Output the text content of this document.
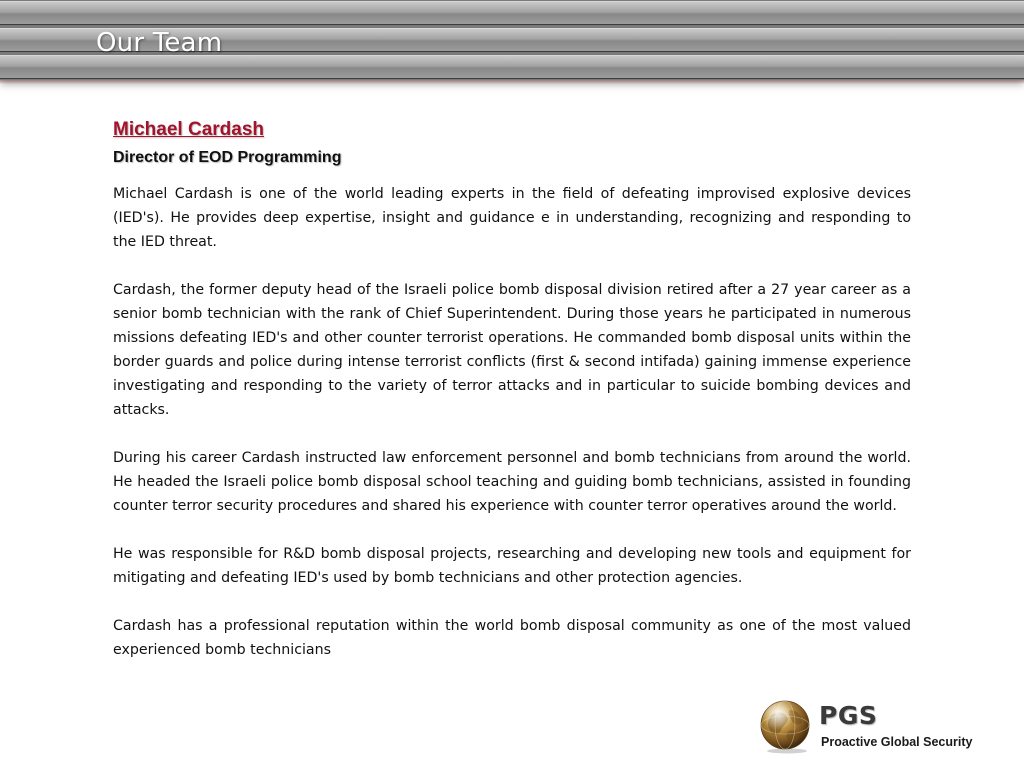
Our Team
Michael Cardash
Director of EOD Programming

Michael Cardash is one of the world leading experts in the field of defeating improvised explosive devices (IED's). He provides deep expertise, insight and guidance e in understanding, recognizing and responding to the IED threat.

Cardash, the former deputy head of the Israeli police bomb disposal division retired after a 27 year career as a senior bomb technician with the rank of Chief Superintendent. During those years he participated in numerous missions defeating IED's and other counter terrorist operations. He commanded bomb disposal units within the border guards and police during intense terrorist conflicts (first & second intifada) gaining immense experience investigating and responding to the variety of terror attacks and in particular to suicide bombing devices and attacks.

During his career Cardash instructed law enforcement personnel and bomb technicians from around the world. He headed the Israeli police bomb disposal school teaching and guiding bomb technicians, assisted in founding counter terror security procedures and shared his experience with counter terror operatives around the world.

He was responsible for R&D bomb disposal projects, researching and developing new tools and equipment for mitigating and defeating IED's used by bomb technicians and other protection agencies.

Cardash has a professional reputation within the world bomb disposal community as one of the most valued experienced bomb technicians

PGS
Proactive Global Security
